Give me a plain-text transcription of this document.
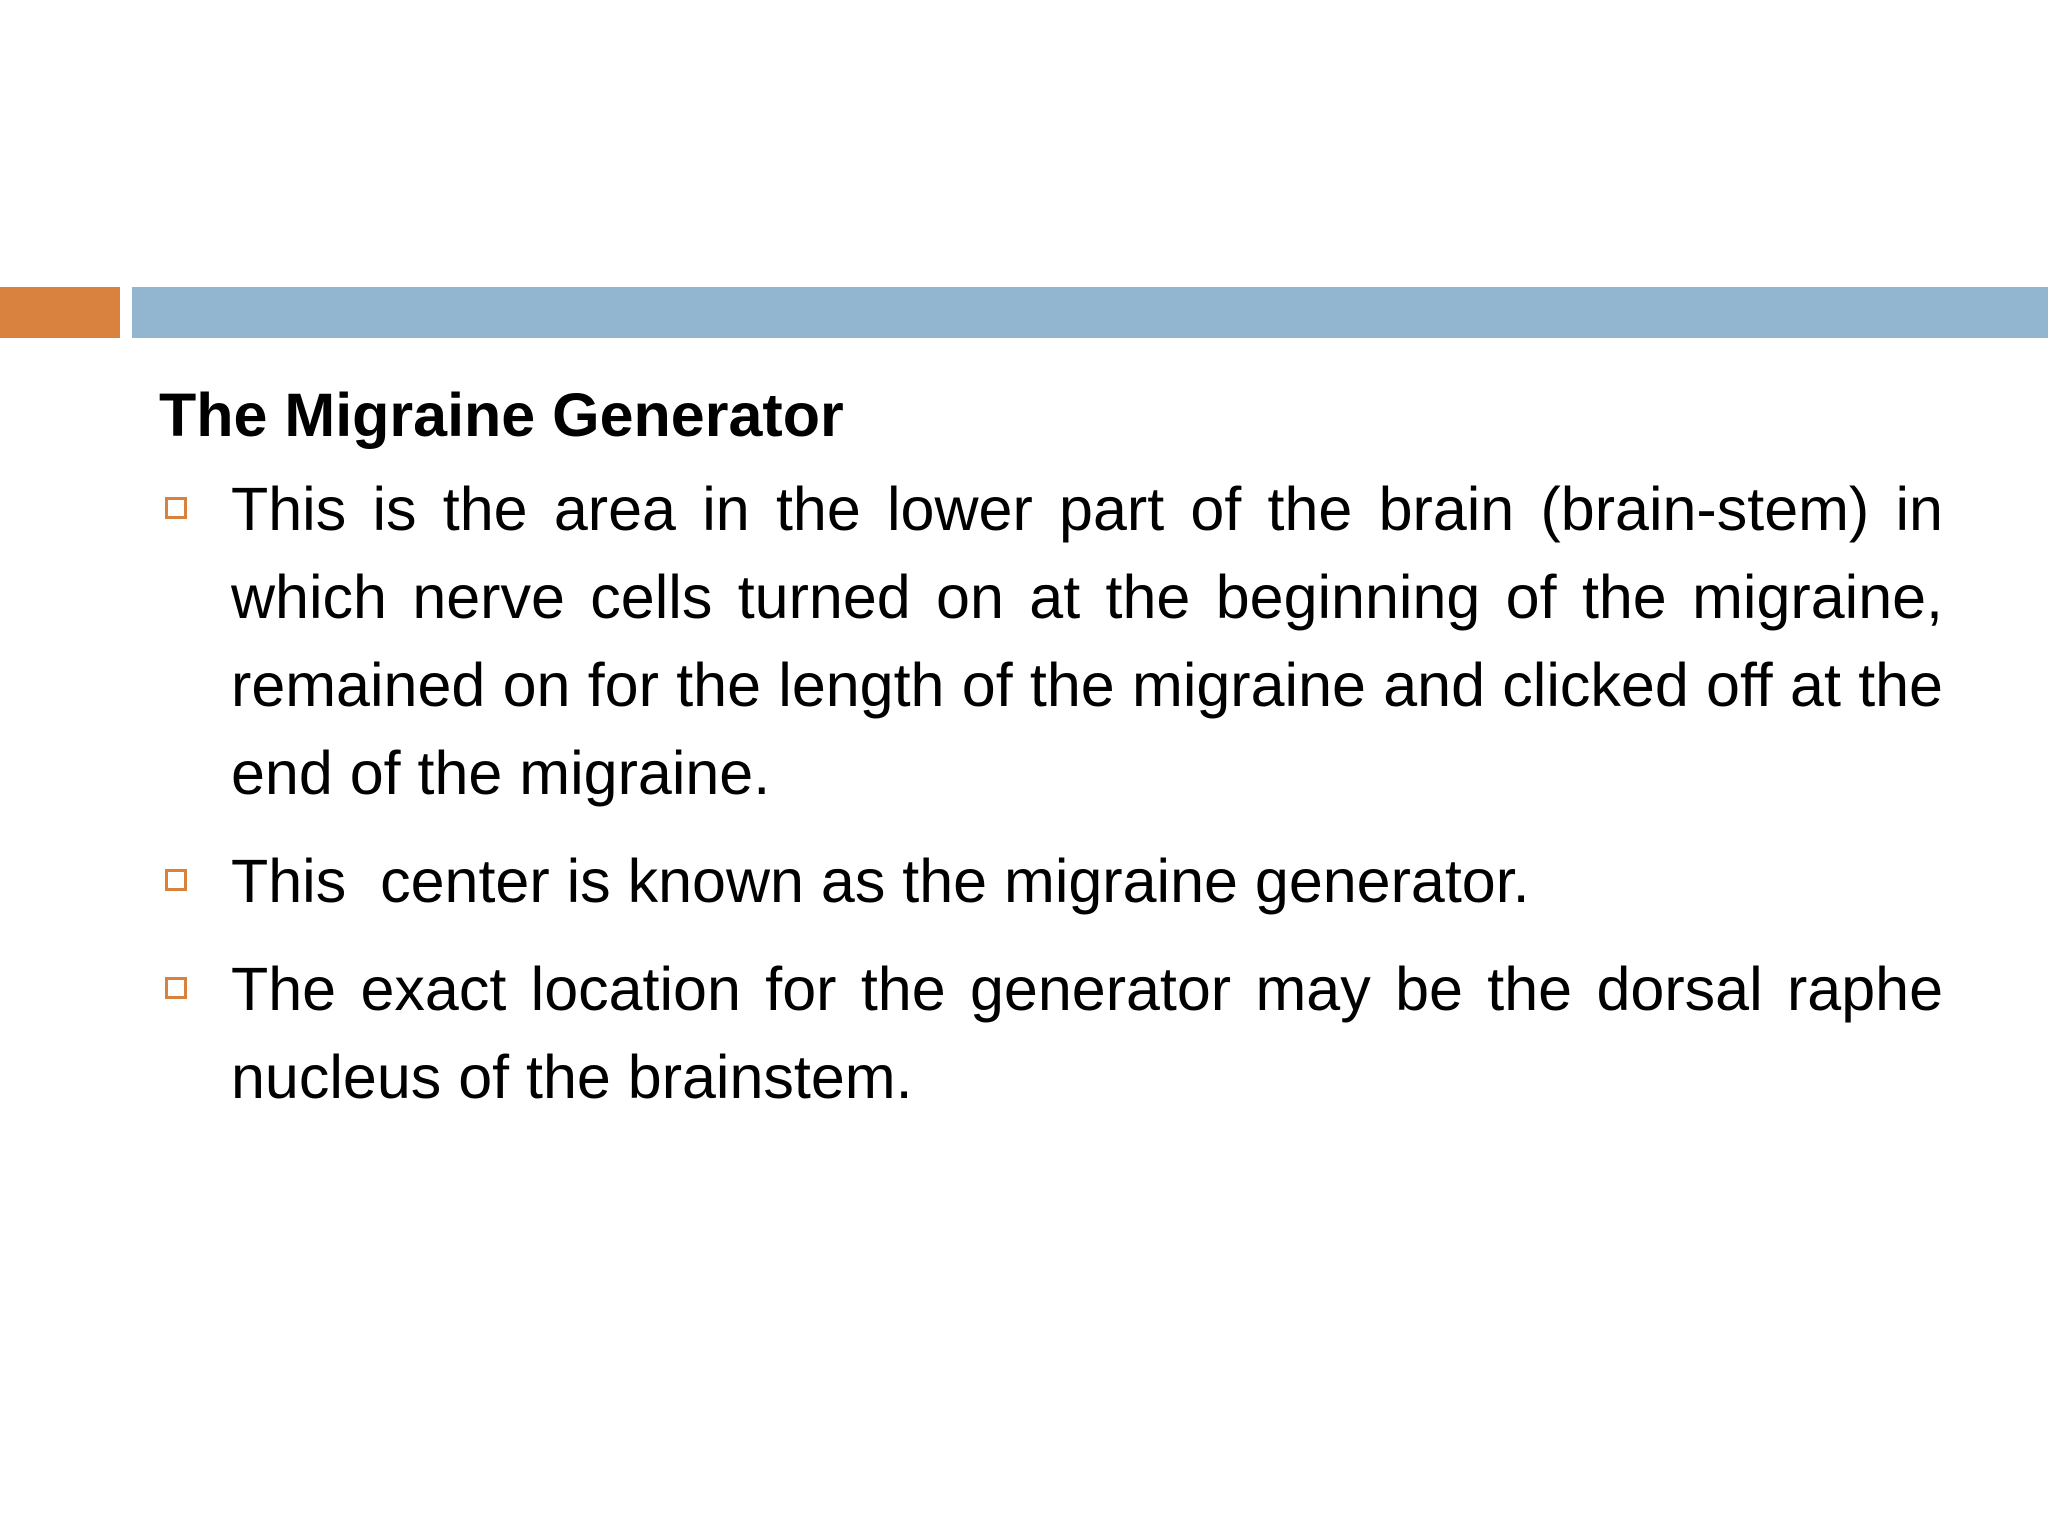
The Migraine Generator
This is the area in the lower part of the brain (brain-stem) in which nerve cells turned on at the beginning of the migraine, remained on for the length of the migraine and clicked off at the end of the migraine.
This  center is known as the migraine generator.
The exact location for the generator may be the dorsal raphe nucleus of the brainstem.
